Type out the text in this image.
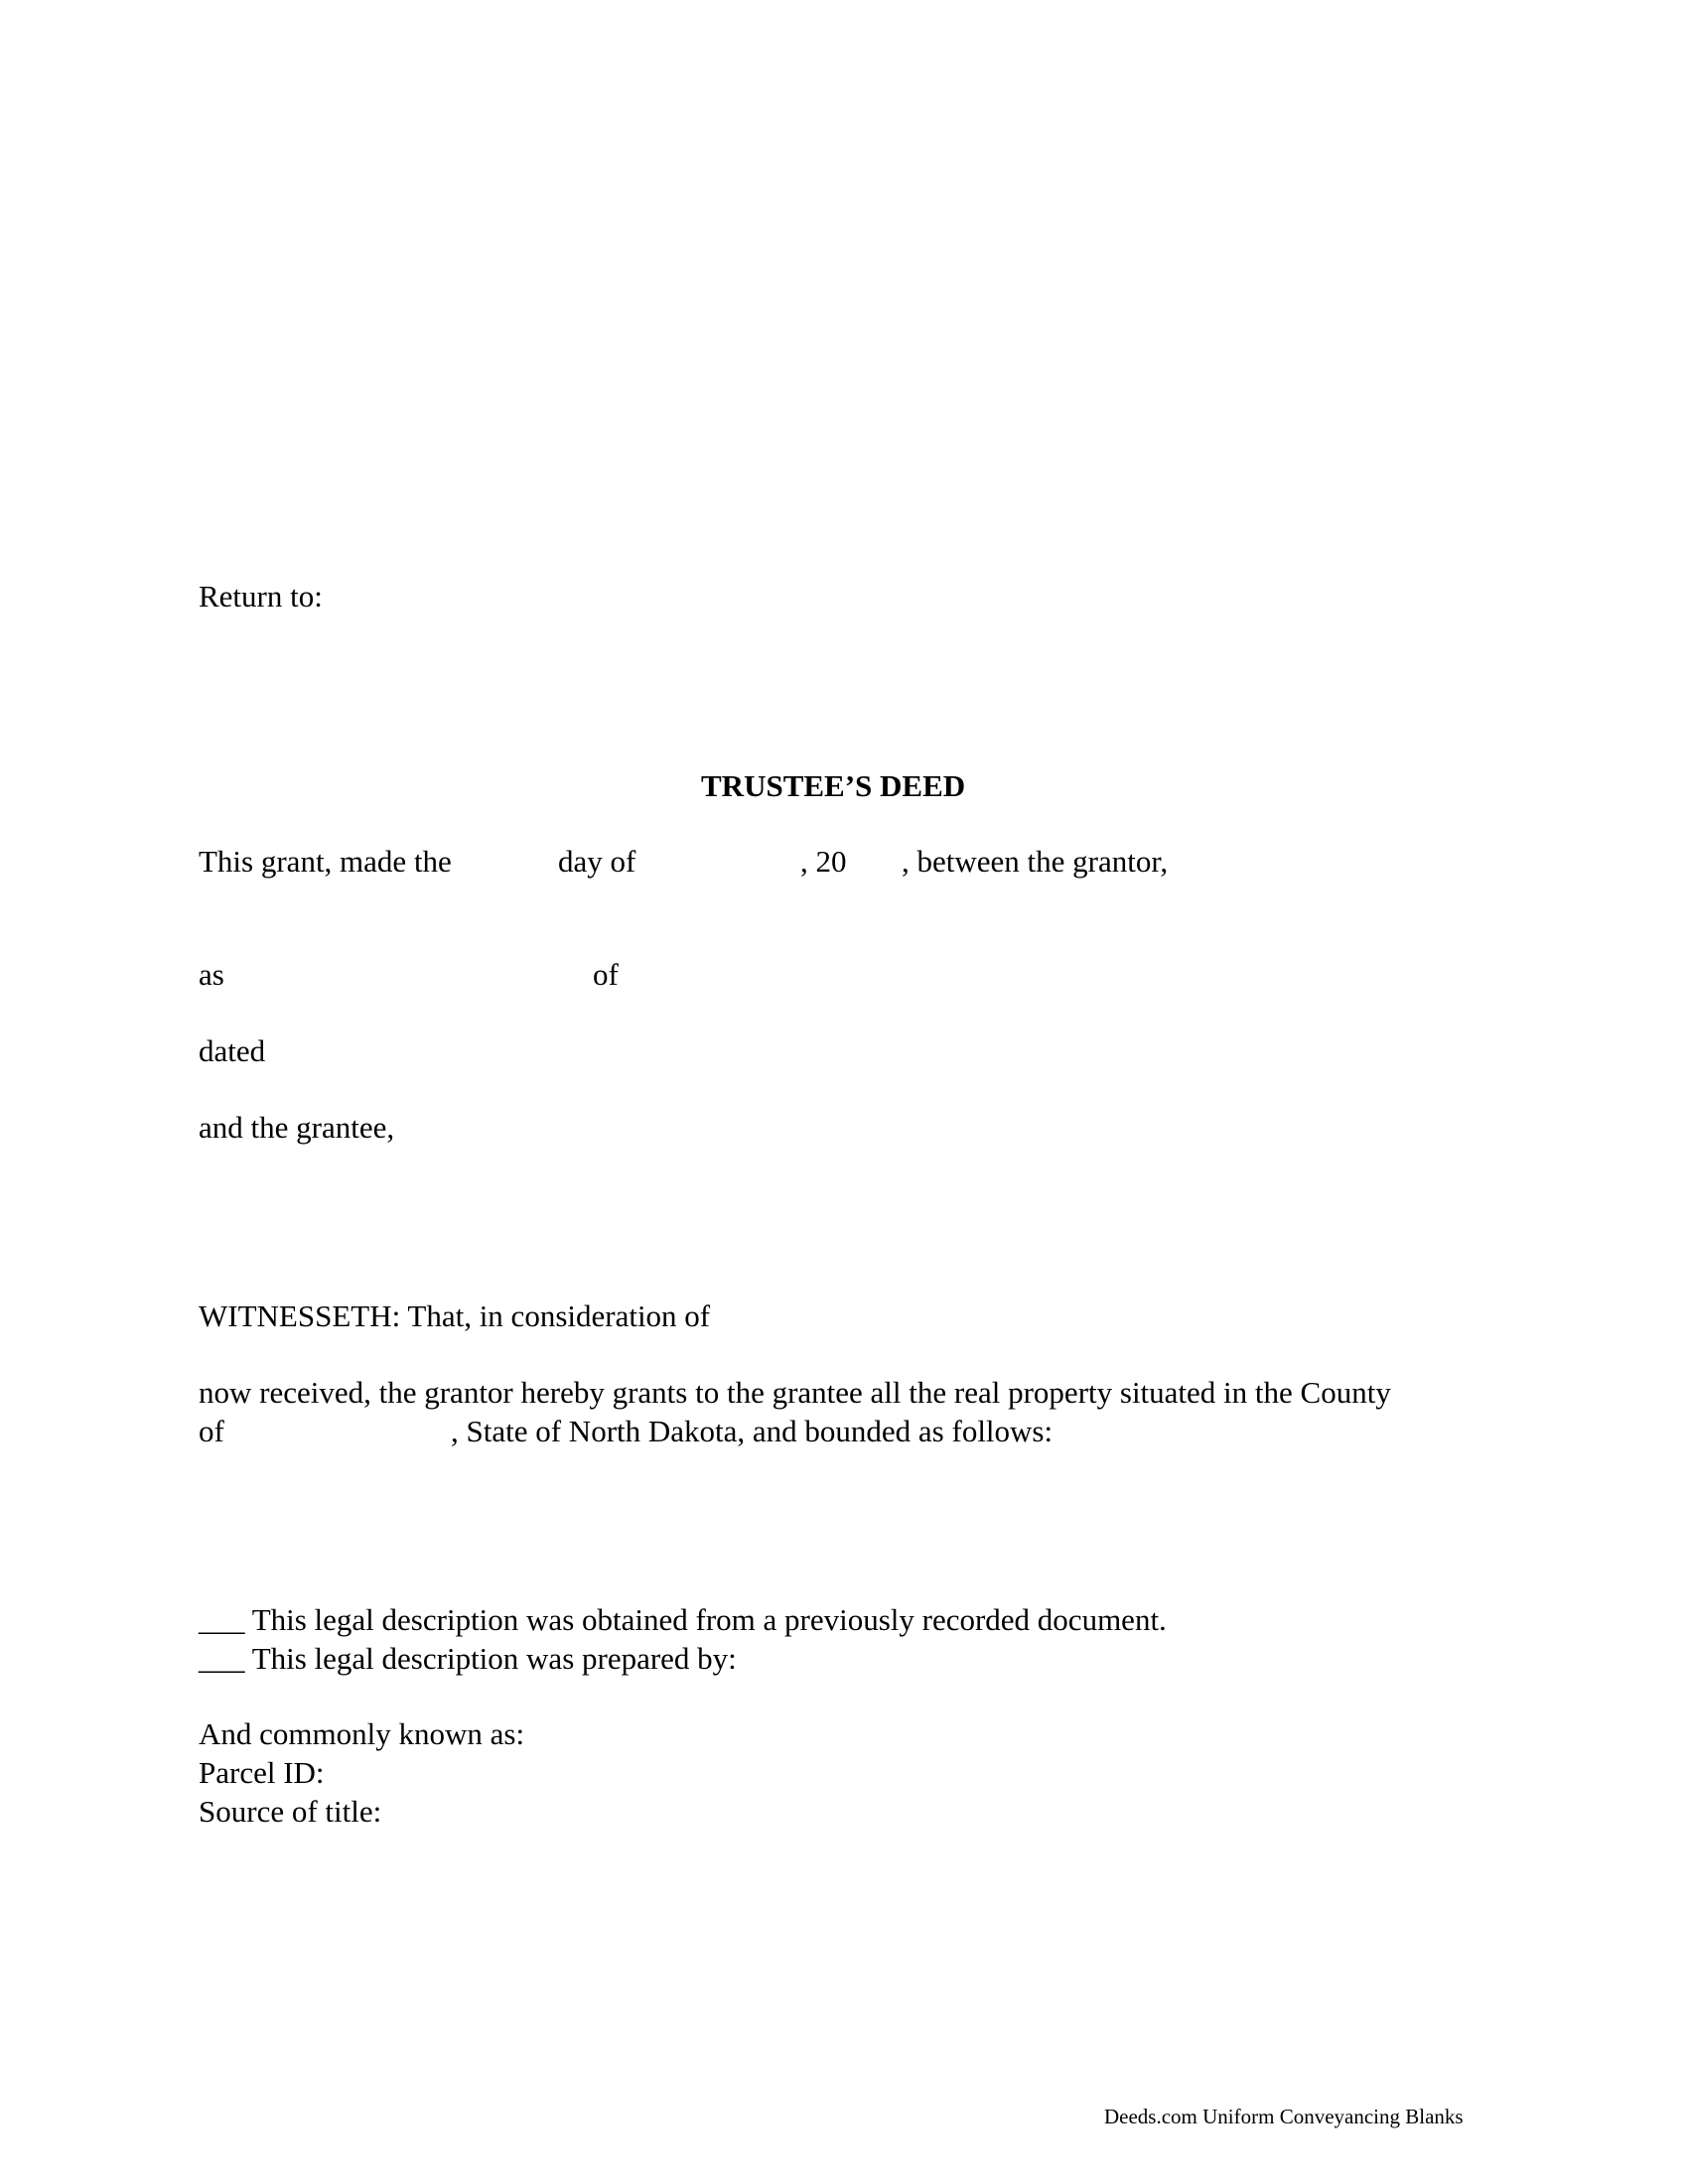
Return to:
TRUSTEE’S DEED
This grant, made the	day of	, 20 , between the grantor,
as	of
dated
and the grantee,
WITNESSETH: That, in consideration of
now received, the grantor hereby grants to the grantee all the real property situated in the County
of	, State of North Dakota, and bounded as follows:
___ This legal description was obtained from a previously recorded document.
___ This legal description was prepared by:
And commonly known as:
Parcel ID:
Source of title:
Deeds.com Uniform Conveyancing Blanks
